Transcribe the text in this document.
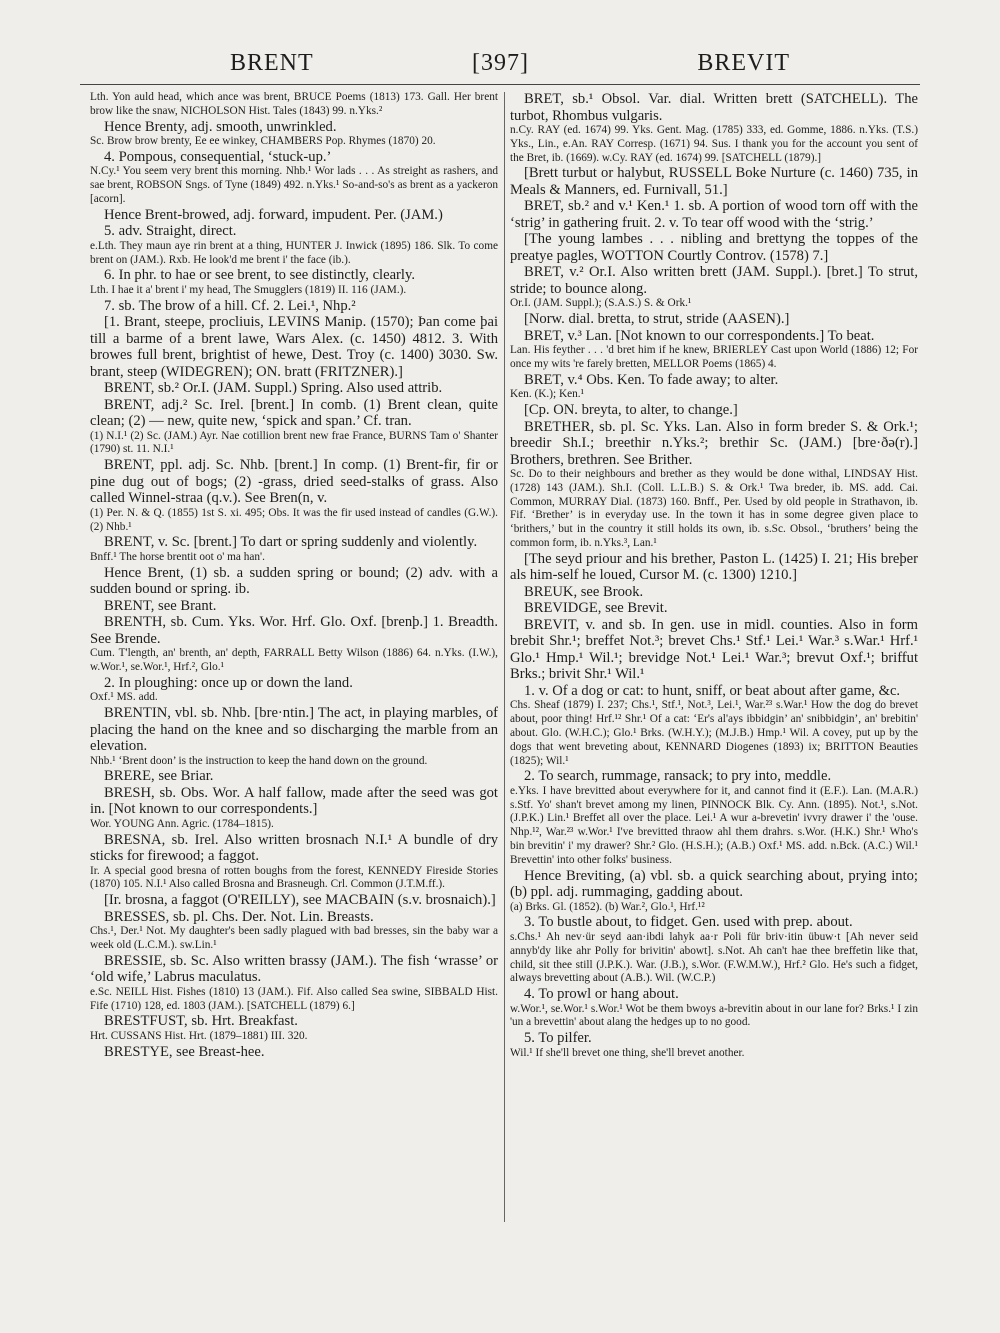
BRENT	[397]	BREVIT

Lth. Yon auld head, which ance was brent, BRUCE Poems (1813) 173. Gall. Her brent brow like the snaw, NICHOLSON Hist. Tales (1843) 99. n.Yks.²

Hence Brenty, adj. smooth, unwrinkled.

Sc. Brow brow brenty, Ee ee winkey, CHAMBERS Pop. Rhymes (1870) 20.

4. Pompous, consequential, ‘stuck-up.’

N.Cy.¹ You seem very brent this morning. Nhb.¹ Wor lads . . . As streight as rashers, and sae brent, ROBSON Sngs. of Tyne (1849) 492. n.Yks.¹ So-and-so's as brent as a yackeron [acorn].

Hence Brent-browed, adj. forward, impudent. Per. (JAM.)

5. adv. Straight, direct.

e.Lth. They maun aye rin brent at a thing, HUNTER J. Inwick (1895) 186. Slk. To come brent on (JAM.). Rxb. He look'd me brent i' the face (ib.).

6. In phr. to hae or see brent, to see distinctly, clearly.

Lth. I hae it a' brent i' my head, The Smugglers (1819) II. 116 (JAM.).

7. sb. The brow of a hill. Cf. 2. Lei.¹, Nhp.²

[1. Brant, steepe, procliuis, LEVINS Manip. (1570); Þan come þai till a barme of a brent lawe, Wars Alex. (c. 1450) 4812. 3. With browes full brent, brightist of hewe, Dest. Troy (c. 1400) 3030. Sw. brant, steep (WIDEGREN); ON. bratt (FRITZNER).]

BRENT, sb.² Or.I. (JAM. Suppl.) Spring. Also used attrib.

BRENT, adj.² Sc. Irel. [brent.] In comb. (1) Brent clean, quite clean; (2) — new, quite new, ‘spick and span.’ Cf. tran.

(1) N.I.¹ (2) Sc. (JAM.) Ayr. Nae cotillion brent new frae France, BURNS Tam o' Shanter (1790) st. 11. N.I.¹

BRENT, ppl. adj. Sc. Nhb. [brent.] In comp. (1) Brent-fir, fir or pine dug out of bogs; (2) -grass, dried seed-stalks of grass. Also called Winnel-straa (q.v.). See Bren(n, v.

(1) Per. N. & Q. (1855) 1st S. xi. 495; Obs. It was the fir used instead of candles (G.W.). (2) Nhb.¹

BRENT, v. Sc. [brent.] To dart or spring suddenly and violently.

Bnff.¹ The horse brentit oot o' ma han'.

Hence Brent, (1) sb. a sudden spring or bound; (2) adv. with a sudden bound or spring. ib.

BRENT, see Brant.

BRENTH, sb. Cum. Yks. Wor. Hrf. Glo. Oxf. [brenþ.] 1. Breadth. See Brende.

Cum. T'length, an' brenth, an' depth, FARRALL Betty Wilson (1886) 64. n.Yks. (I.W.), w.Wor.¹, se.Wor.¹, Hrf.², Glo.¹

2. In ploughing: once up or down the land.

Oxf.¹ MS. add.

BRENTIN, vbl. sb. Nhb. [bre·ntin.] The act, in playing marbles, of placing the hand on the knee and so discharging the marble from an elevation.

Nhb.¹ ‘Brent doon’ is the instruction to keep the hand down on the ground.

BRERE, see Briar.

BRESH, sb. Obs. Wor. A half fallow, made after the seed was got in. [Not known to our correspondents.]

Wor. YOUNG Ann. Agric. (1784–1815).

BRESNA, sb. Irel. Also written brosnach N.I.¹ A bundle of dry sticks for firewood; a faggot.

Ir. A special good bresna of rotten boughs from the forest, KENNEDY Fireside Stories (1870) 105. N.I.¹ Also called Brosna and Brasneugh. Crl. Common (J.T.M.ff.).

[Ir. brosna, a faggot (O'REILLY), see MACBAIN (s.v. brosnaich).]

BRESSES, sb. pl. Chs. Der. Not. Lin. Breasts.

Chs.¹, Der.¹ Not. My daughter's been sadly plagued with bad bresses, sin the baby war a week old (L.C.M.). sw.Lin.¹

BRESSIE, sb. Sc. Also written brassy (JAM.). The fish ‘wrasse’ or ‘old wife,’ Labrus maculatus.

e.Sc. NEILL Hist. Fishes (1810) 13 (JAM.). Fif. Also called Sea swine, SIBBALD Hist. Fife (1710) 128, ed. 1803 (JAM.). [SATCHELL (1879) 6.]

BRESTFUST, sb. Hrt. Breakfast.

Hrt. CUSSANS Hist. Hrt. (1879–1881) III. 320.

BRESTYE, see Breast-hee.

BRET, sb.¹ Obsol. Var. dial. Written brett (SATCHELL). The turbot, Rhombus vulgaris.

n.Cy. RAY (ed. 1674) 99. Yks. Gent. Mag. (1785) 333, ed. Gomme, 1886. n.Yks. (T.S.) Yks., Lin., e.An. RAY Corresp. (1671) 94. Sus. I thank you for the account you sent of the Bret, ib. (1669). w.Cy. RAY (ed. 1674) 99. [SATCHELL (1879).]

[Brett turbut or halybut, RUSSELL Boke Nurture (c. 1460) 735, in Meals & Manners, ed. Furnivall, 51.]

BRET, sb.² and v.¹ Ken.¹ 1. sb. A portion of wood torn off with the ‘strig’ in gathering fruit. 2. v. To tear off wood with the ‘strig.’

[The young lambes . . . nibling and brettyng the toppes of the preatye pagles, WOTTON Courtly Controv. (1578) 7.]

BRET, v.² Or.I. Also written brett (JAM. Suppl.). [bret.] To strut, stride; to bounce along.

Or.I. (JAM. Suppl.); (S.A.S.) S. & Ork.¹

[Norw. dial. bretta, to strut, stride (AASEN).]

BRET, v.³ Lan. [Not known to our correspondents.] To beat.

Lan. His feyther . . . 'd bret him if he knew, BRIERLEY Cast upon World (1886) 12; For once my wits 're farely bretten, MELLOR Poems (1865) 4.

BRET, v.⁴ Obs. Ken. To fade away; to alter.

Ken. (K.); Ken.¹

[Cp. ON. breyta, to alter, to change.]

BRETHER, sb. pl. Sc. Yks. Lan. Also in form breder S. & Ork.¹; breedir Sh.I.; breethir n.Yks.²; brethir Sc. (JAM.) [bre·ðə(r).] Brothers, brethren. See Brither.

Sc. Do to their neighbours and brether as they would be done withal, LINDSAY Hist. (1728) 143 (JAM.). Sh.I. (Coll. L.L.B.) S. & Ork.¹ Twa breder, ib. MS. add. Cai. Common, MURRAY Dial. (1873) 160. Bnff., Per. Used by old people in Strathavon, ib. Fif. ‘Brether’ is in everyday use. In the town it has in some degree given place to ‘brithers,’ but in the country it still holds its own, ib. s.Sc. Obsol., ‘bruthers’ being the common form, ib. n.Yks.³, Lan.¹

[The seyd priour and his brether, Paston L. (1425) I. 21; His breþer als him-self he loued, Cursor M. (c. 1300) 1210.]

BREUK, see Brook.

BREVIDGE, see Brevit.

BREVIT, v. and sb. In gen. use in midl. counties. Also in form brebit Shr.¹; breffet Not.³; brevet Chs.¹ Stf.¹ Lei.¹ War.³ s.War.¹ Hrf.¹ Glo.¹ Hmp.¹ Wil.¹; brevidge Not.¹ Lei.¹ War.³; brevut Oxf.¹; briffut Brks.; brivit Shr.¹ Wil.¹

1. v. Of a dog or cat: to hunt, sniff, or beat about after game, &c.

Chs. Sheaf (1879) I. 237; Chs.¹, Stf.¹, Not.³, Lei.¹, War.²³ s.War.¹ How the dog do brevet about, poor thing! Hrf.¹² Shr.¹ Of a cat: ‘Er's al'ays ibbidgin’ an' snibbidgin’, an' brebitin' about. Glo. (W.H.C.); Glo.¹ Brks. (W.H.Y.); (M.J.B.) Hmp.¹ Wil. A covey, put up by the dogs that went breveting about, KENNARD Diogenes (1893) ix; BRITTON Beauties (1825); Wil.¹

2. To search, rummage, ransack; to pry into, meddle.

e.Yks. I have brevitted about everywhere for it, and cannot find it (E.F.). Lan. (M.A.R.) s.Stf. Yo' shan't brevet among my linen, PINNOCK Blk. Cy. Ann. (1895). Not.¹, s.Not. (J.P.K.) Lin.¹ Breffet all over the place. Lei.¹ A wur a-brevetin' ivvry drawer i' the 'ouse. Nhp.¹², War.²³ w.Wor.¹ I've brevitted thraow ahl them drahrs. s.Wor. (H.K.) Shr.¹ Who's bin brevitin' i' my drawer? Shr.² Glo. (H.S.H.); (A.B.) Oxf.¹ MS. add. n.Bck. (A.C.) Wil.¹ Brevettin' into other folks' business.

Hence Breviting, (a) vbl. sb. a quick searching about, prying into; (b) ppl. adj. rummaging, gadding about.

(a) Brks. Gl. (1852). (b) War.², Glo.¹, Hrf.¹²

3. To bustle about, to fidget. Gen. used with prep. about.

s.Chs.¹ Ah nev·ür seyd aan·ibdi lahyk aa·r Poli für briv·itin übuw·t [Ah never seid annyb'dy like ahr Polly for brivitin' abowt]. s.Not. Ah can't hae thee breffetin like that, child, sit thee still (J.P.K.). War. (J.B.), s.Wor. (F.W.M.W.), Hrf.² Glo. He's such a fidget, always brevetting about (A.B.). Wil. (W.C.P.)

4. To prowl or hang about.

w.Wor.¹, se.Wor.¹ s.Wor.¹ Wot be them bwoys a-brevitin about in our lane for? Brks.¹ I zin 'un a brevettin' about alang the hedges up to no good.

5. To pilfer.

Wil.¹ If she'll brevet one thing, she'll brevet another.
